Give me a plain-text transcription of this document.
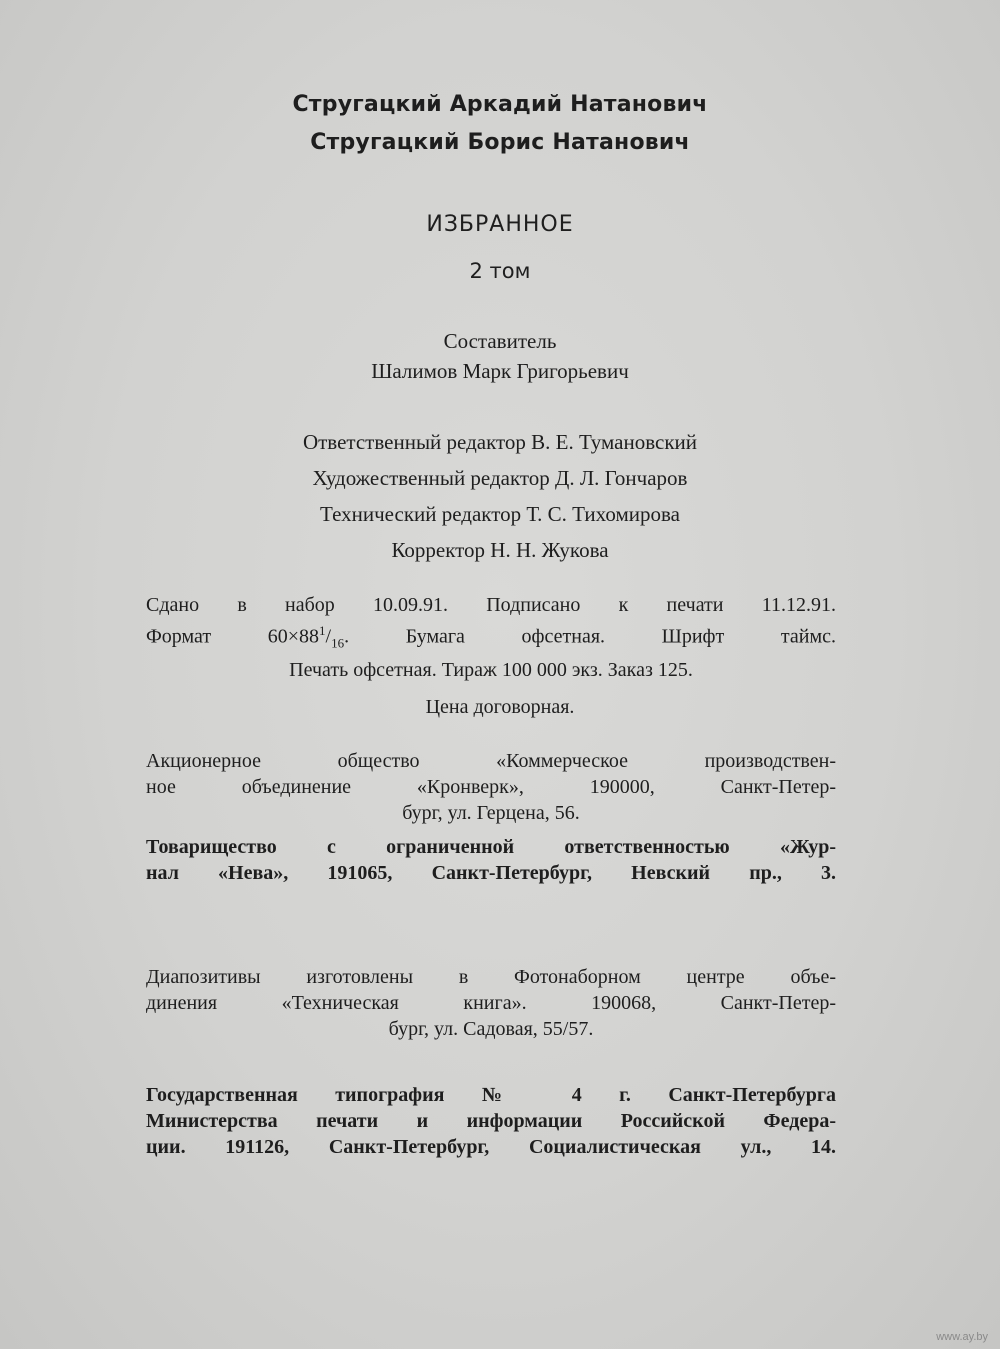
Стругацкий Аркадий Натанович
Стругацкий Борис Натанович
ИЗБРАННОЕ
2 том
Составитель
Шалимов Марк Григорьевич
Ответственный редактор В. Е. Тумановский
Художественный редактор Д. Л. Гончаров
Технический редактор Т. С. Тихомирова
Корректор Н. Н. Жукова
Сдано в набор 10.09.91. Подписано к печати 11.12.91.
Формат $60\times 88^1/_{16}$. Бумага офсетная. Шрифт таймс.
Печать офсетная. Тираж 100 000 экз. Заказ 125.
Цена договорная.
Акционерное общество «Коммерческое производствен-
ное объединение «Кронверк», 190000, Санкт-Петер-
бург, ул. Герцена, 56.
Товарищество с ограниченной ответственностью «Жур-
нал «Нева», 191065, Санкт-Петербург, Невский пр., 3.
Диапозитивы изготовлены в Фотонаборном центре объе-
динения «Техническая книга». 190068, Санкт-Петер-
бург, ул. Садовая, 55/57.
Государственная типография № 4 г. Санкт-Петербурга
Министерства печати и информации Российской Федера-
ции. 191126, Санкт-Петербург, Социалистическая ул., 14.
www.ay.by
